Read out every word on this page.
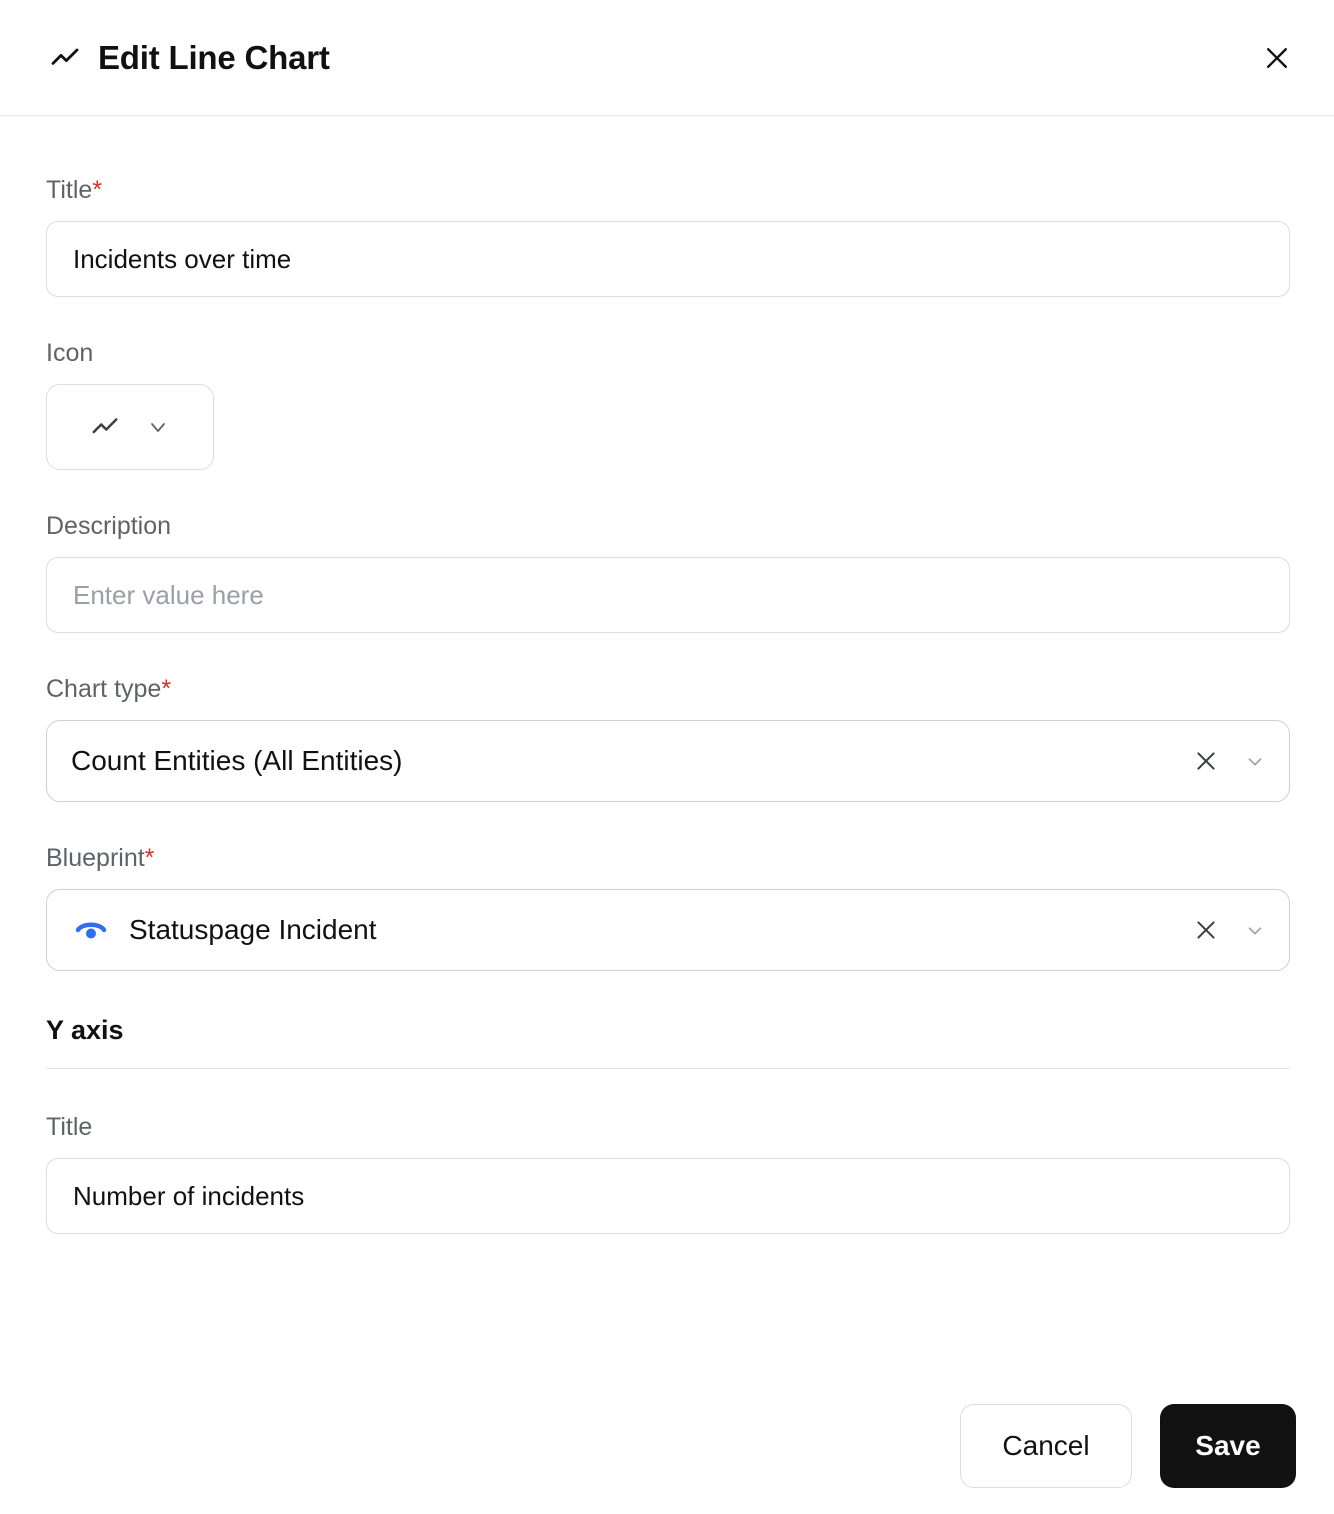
Edit Line Chart
Title*
Incidents over time
Icon
Description
Enter value here
Chart type*
Count Entities (All Entities)
Blueprint*
Statuspage Incident
Y axis
Title
Number of incidents
Cancel	Save
